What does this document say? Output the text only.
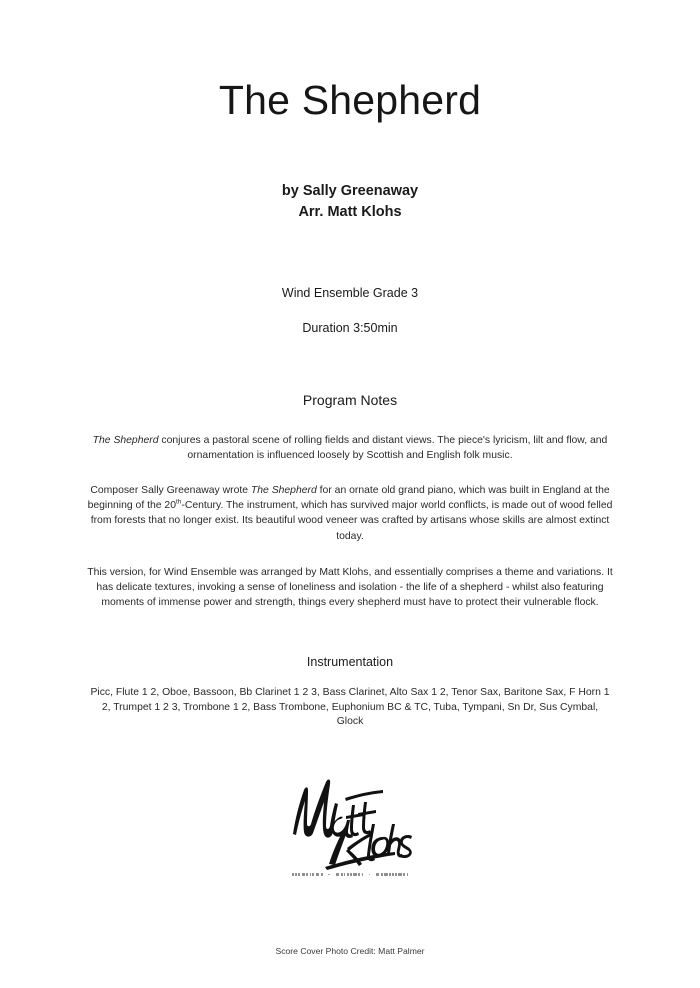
The Shepherd
by Sally Greenaway
Arr. Matt Klohs
Wind Ensemble Grade 3
Duration 3:50min
Program Notes

The Shepherd conjures a pastoral scene of rolling fields and distant views. The piece's lyricism, lilt and flow, and ornamentation is influenced loosely by Scottish and English folk music.

Composer Sally Greenaway wrote The Shepherd for an ornate old grand piano, which was built in England at the beginning of the 20th-Century. The instrument, which has survived major world conflicts, is made out of wood felled from forests that no longer exist. Its beautiful wood veneer was crafted by artisans whose skills are almost extinct today.

This version, for Wind Ensemble was arranged by Matt Klohs, and essentially comprises a theme and variations. It has delicate textures, invoking a sense of loneliness and isolation - the life of a shepherd - whilst also featuring moments of immense power and strength, things every shepherd must have to protect their vulnerable flock.

Instrumentation
Picc, Flute 1 2, Oboe, Bassoon, Bb Clarinet 1 2 3, Bass Clarinet, Alto Sax 1 2, Tenor Sax, Baritone Sax, F Horn 1 2, Trumpet 1 2 3, Trombone 1 2, Bass Trombone, Euphonium BC & TC, Tuba, Tympani, Sn Dr, Sus Cymbal, Glock
Score Cover Photo Credit: Matt Palmer
